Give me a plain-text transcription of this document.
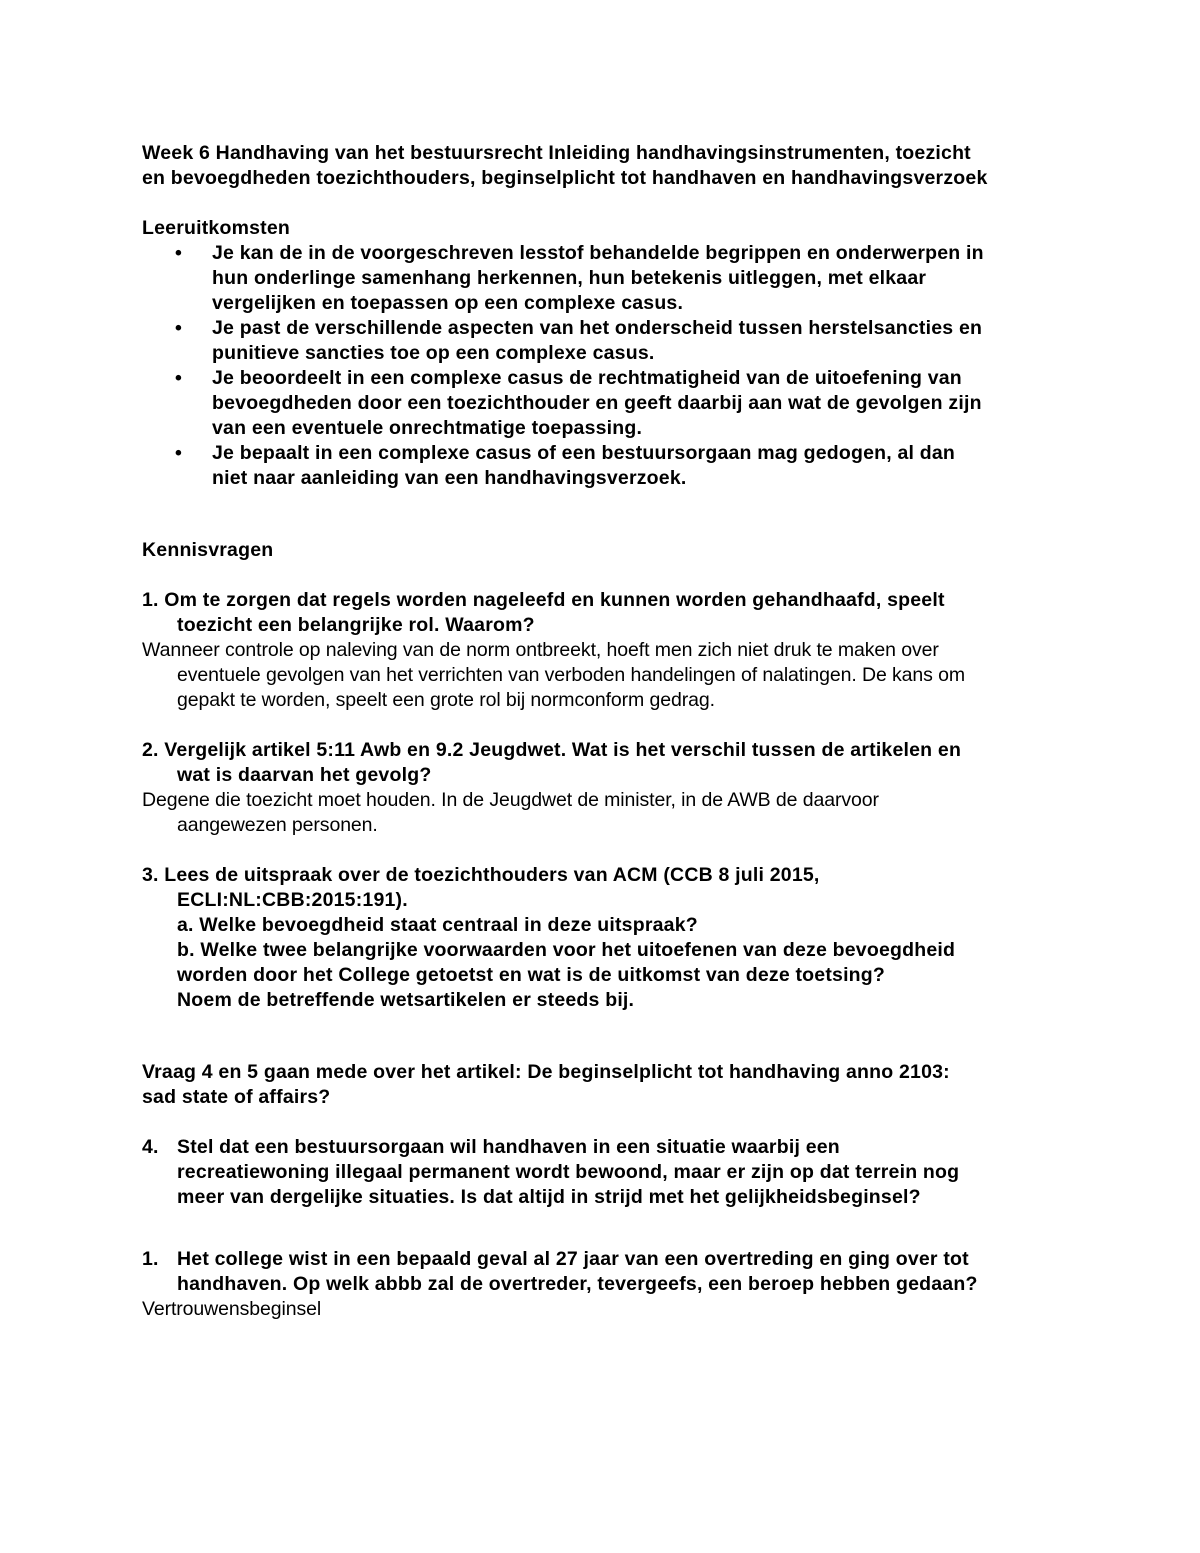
Week 6 Handhaving van het bestuursrecht Inleiding handhavingsinstrumenten, toezicht
en bevoegdheden toezichthouders, beginselplicht tot handhaven en handhavingsverzoek
Leeruitkomsten
• Je kan de in de voorgeschreven lesstof behandelde begrippen en onderwerpen in
hun onderlinge samenhang herkennen, hun betekenis uitleggen, met elkaar
vergelijken en toepassen op een complexe casus.
• Je past de verschillende aspecten van het onderscheid tussen herstelsancties en
punitieve sancties toe op een complexe casus.
• Je beoordeelt in een complexe casus de rechtmatigheid van de uitoefening van
bevoegdheden door een toezichthouder en geeft daarbij aan wat de gevolgen zijn
van een eventuele onrechtmatige toepassing.
• Je bepaalt in een complexe casus of een bestuursorgaan mag gedogen, al dan
niet naar aanleiding van een handhavingsverzoek.
Kennisvragen
1. Om te zorgen dat regels worden nageleefd en kunnen worden gehandhaafd, speelt
toezicht een belangrijke rol. Waarom?
Wanneer controle op naleving van de norm ontbreekt, hoeft men zich niet druk te maken over
eventuele gevolgen van het verrichten van verboden handelingen of nalatingen. De kans om
gepakt te worden, speelt een grote rol bij normconform gedrag.
2. Vergelijk artikel 5:11 Awb en 9.2 Jeugdwet. Wat is het verschil tussen de artikelen en
wat is daarvan het gevolg?
Degene die toezicht moet houden. In de Jeugdwet de minister, in de AWB de daarvoor
aangewezen personen.
3. Lees de uitspraak over de toezichthouders van ACM (CCB 8 juli 2015,
ECLI:NL:CBB:2015:191).
a. Welke bevoegdheid staat centraal in deze uitspraak?
b. Welke twee belangrijke voorwaarden voor het uitoefenen van deze bevoegdheid
worden door het College getoetst en wat is de uitkomst van deze toetsing?
Noem de betreffende wetsartikelen er steeds bij.
Vraag 4 en 5 gaan mede over het artikel: De beginselplicht tot handhaving anno 2103:
sad state of affairs?
4. Stel dat een bestuursorgaan wil handhaven in een situatie waarbij een
recreatiewoning illegaal permanent wordt bewoond, maar er zijn op dat terrein nog
meer van dergelijke situaties. Is dat altijd in strijd met het gelijkheidsbeginsel?
1. Het college wist in een bepaald geval al 27 jaar van een overtreding en ging over tot
handhaven. Op welk abbb zal de overtreder, tevergeefs, een beroep hebben gedaan?
Vertrouwensbeginsel
